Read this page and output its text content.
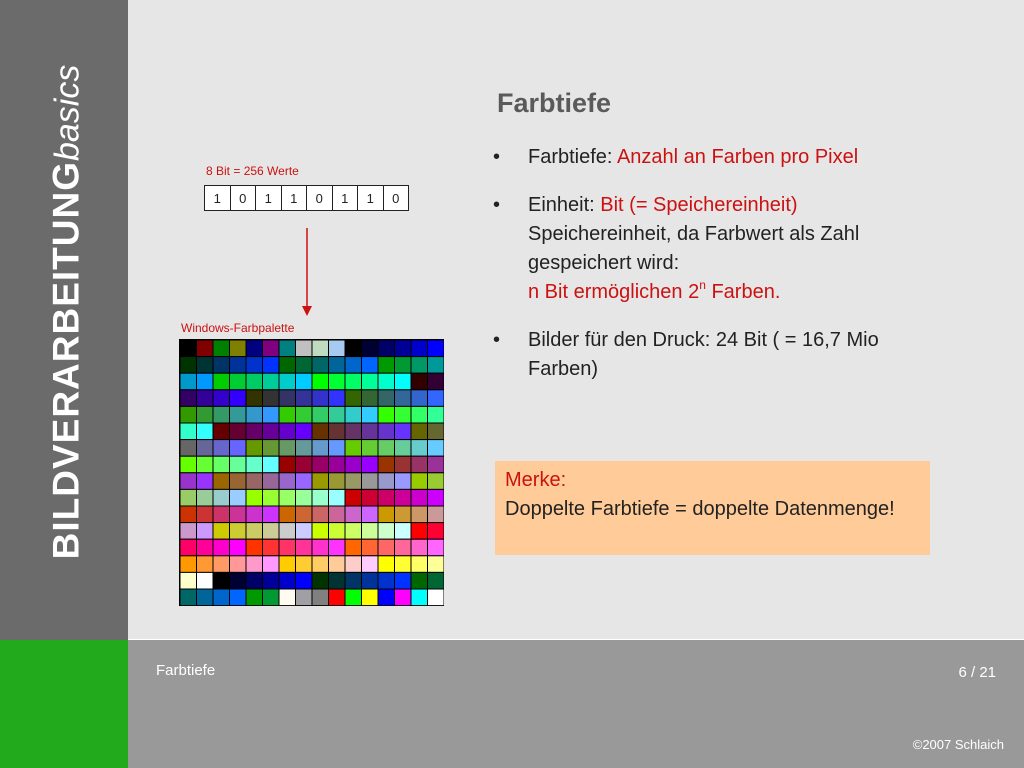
BILDVERARBEITUNGbasics	Farbtiefe
• Farbtiefe: Anzahl an Farben pro Pixel
• Einheit: Bit (= Speichereinheit)
Speichereinheit, da Farbwert als Zahl gespeichert wird:
n Bit ermöglichen 2$^n$ Farben.
• Bilder für den Druck: 24 Bit ( = 16,7 Mio Farben)
Merke:
Doppelte Farbtiefe = doppelte Datenmenge!
8 Bit = 256 Werte
1	0	1	1	0	1	1	0
Windows-Farbpalette
Farbtiefe	6 / 21
©2007 Schlaich
